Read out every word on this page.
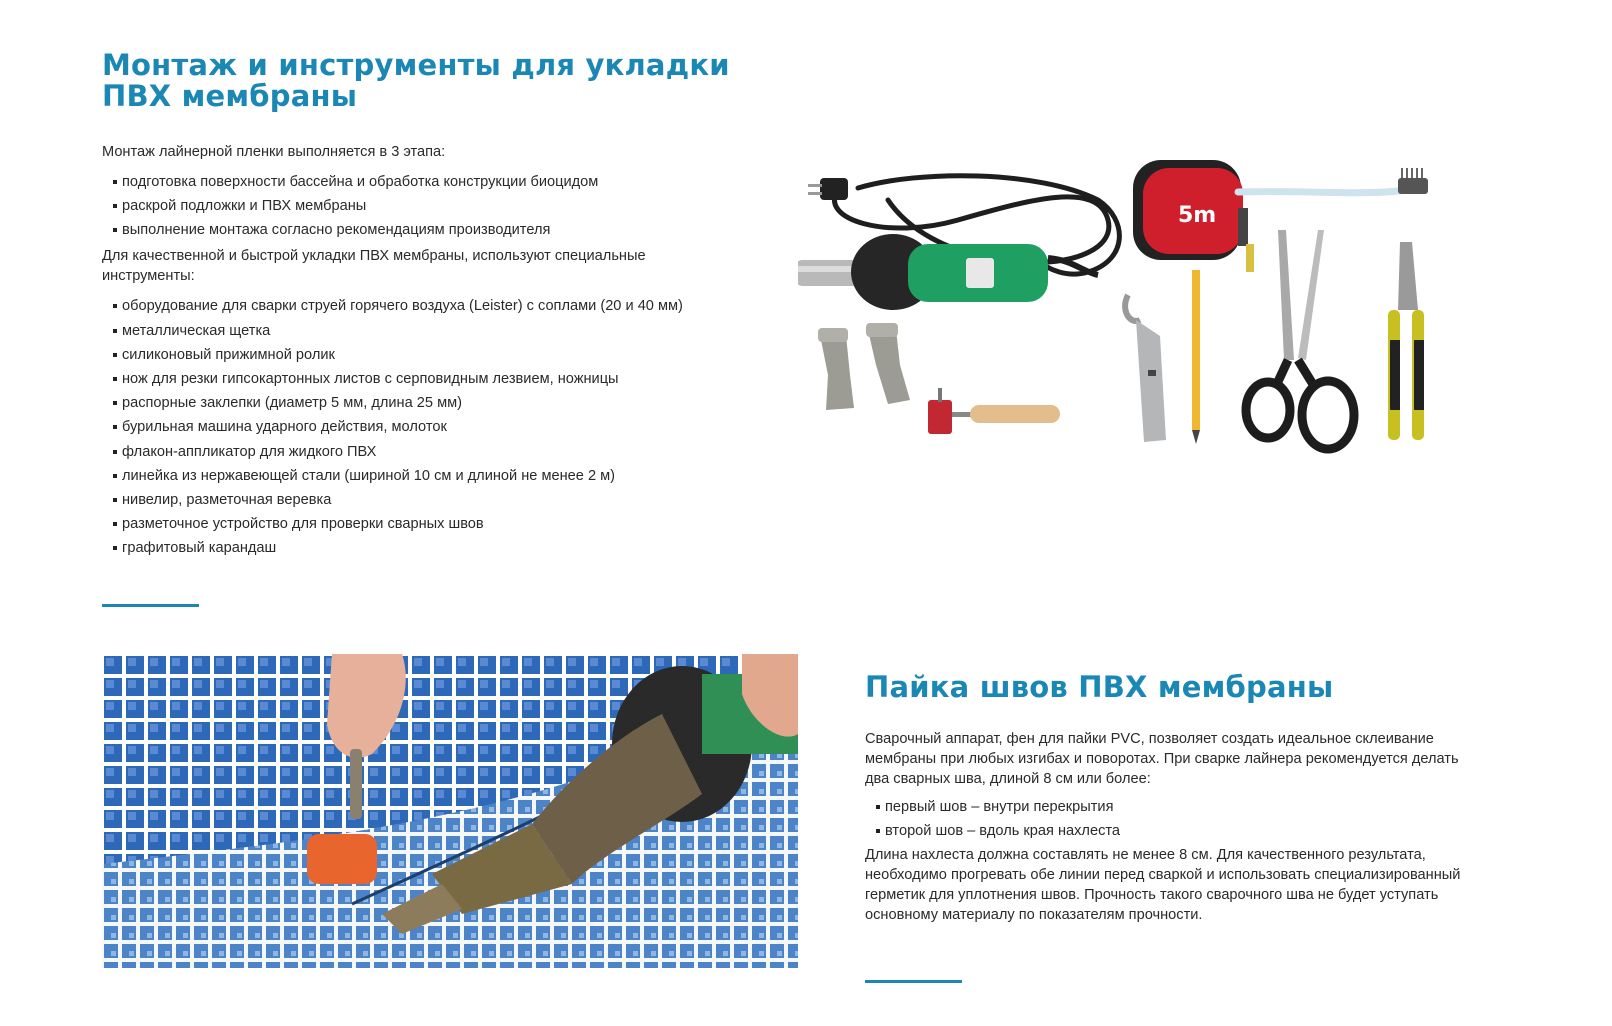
Монтаж и инструменты для укладки ПВХ мембраны

Монтаж лайнерной пленки выполняется в 3 этапа:

подготовка поверхности бассейна и обработка конструкции биоцидом
раскрой подложки и ПВХ мембраны
выполнение монтажа согласно рекомендациям производителя

Для качественной и быстрой укладки ПВХ мембраны, используют специальные инструменты:

оборудование для сварки струей горячего воздуха (Leister) с соплами (20 и 40 мм)
металлическая щетка
силиконовый прижимной ролик
нож для резки гипсокартонных листов с серповидным лезвием, ножницы
распорные заклепки (диаметр 5 мм, длина 25 мм)
бурильная машина ударного действия, молоток
флакон-аппликатор для жидкого ПВХ
линейка из нержавеющей стали (шириной 10 см и длиной не менее 2 м)
нивелир, разметочная веревка
разметочное устройство для проверки сварных швов
графитовый карандаш
5m
Пайка швов ПВХ мембраны

Сварочный аппарат, фен для пайки PVC, позволяет создать идеальное склеивание мембраны при любых изгибах и поворотах. При сварке лайнера рекомендуется делать два сварных шва, длиной 8 см или более:

первый шов – внутри перекрытия
второй шов – вдоль края нахлеста

Длина нахлеста должна составлять не менее 8 см. Для качественного результата, необходимо прогревать обе линии перед сваркой и использовать специализированный герметик для уплотнения швов. Прочность такого сварочного шва не будет уступать основному материалу по показателям прочности.
